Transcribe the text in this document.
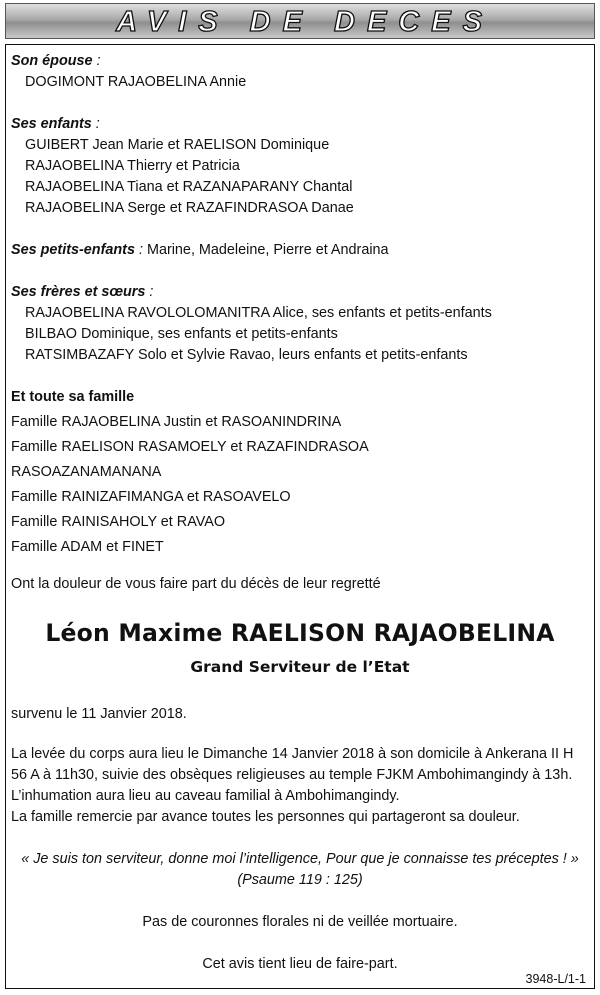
AVIS DE DECES
Son épouse :
DOGIMONT RAJAOBELINA Annie
Ses enfants :
GUIBERT Jean Marie et RAELISON Dominique
RAJAOBELINA Thierry et Patricia
RAJAOBELINA Tiana et RAZANAPARANY Chantal
RAJAOBELINA Serge et RAZAFINDRASOA Danae
Ses petits-enfants : Marine, Madeleine, Pierre et Andraina
Ses frères et sœurs :
RAJAOBELINA RAVOLOLOMANITRA Alice, ses enfants et petits-enfants
BILBAO Dominique, ses enfants et petits-enfants
RATSIMBAZAFY Solo et Sylvie Ravao, leurs enfants et petits-enfants
Et toute sa famille
Famille RAJAOBELINA Justin et RASOANINDRINA
Famille RAELISON RASAMOELY et RAZAFINDRASOA
RASOAZANAMANANA
Famille RAINIZAFIMANGA et RASOAVELO
Famille RAINISAHOLY et RAVAO
Famille ADAM et FINET
Ont la douleur de vous faire part du décès de leur regretté
Léon Maxime RAELISON RAJAOBELINA
Grand Serviteur de l’Etat
survenu le 11 Janvier 2018.
La levée du corps aura lieu le Dimanche 14 Janvier 2018 à son domicile à Ankerana II H
56 A à 11h30, suivie des obsèques religieuses au temple FJKM Ambohimangindy à 13h.
L’inhumation aura lieu au caveau familial à Ambohimangindy.
La famille remercie par avance toutes les personnes qui partageront sa douleur.
« Je suis ton serviteur, donne moi l’intelligence, Pour que je connaisse tes préceptes ! »
(Psaume 119 : 125)
Pas de couronnes florales ni de veillée mortuaire.
Cet avis tient lieu de faire-part.
3948-L/1-1
